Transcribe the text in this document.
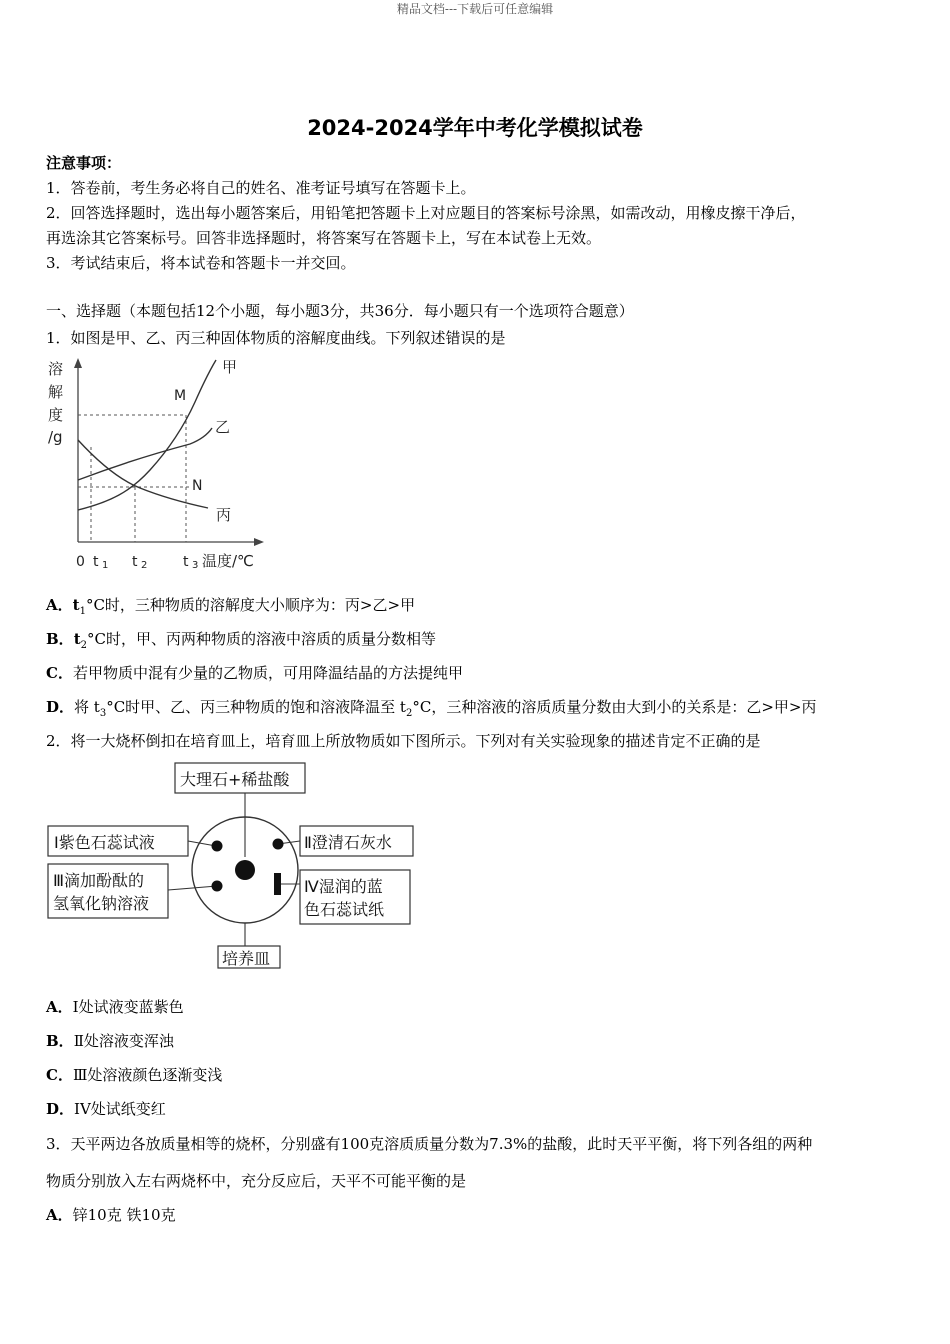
精品文档---下载后可任意编辑
2024-2024学年中考化学模拟试卷
注意事项：
1．答卷前，考生务必将自己的姓名、准考证号填写在答题卡上。
2．回答选择题时，选出每小题答案后，用铅笔把答题卡上对应题目的答案标号涂黑，如需改动，用橡皮擦干净后，
再选涂其它答案标号。回答非选择题时，将答案写在答题卡上，写在本试卷上无效。
3．考试结束后，将本试卷和答题卡一并交回。
一、选择题（本题包括12个小题，每小题3分，共36分．每小题只有一个选项符合题意）
1．如图是甲、乙、丙三种固体物质的溶解度曲线。下列叙述错误的是
溶
解
度
/g
甲
乙
丙
M
N
0 t 1 t 2	t 3 温度/℃
A．$t_1^\circ C$时，三种物质的溶解度大小顺序为：丙>乙>甲
B．$t_2^\circ C$时，甲、丙两种物质的溶液中溶质的质量分数相等
C．若甲物质中混有少量的乙物质，可用降温结晶的方法提纯甲
D．将 $t_3^\circ C$时甲、乙、丙三种物质的饱和溶液降温至 $t_2^\circ C$，三种溶液的溶质质量分数由大到小的关系是：乙>甲>丙
2．将一大烧杯倒扣在培育皿上，培育皿上所放物质如下图所示。下列对有关实验现象的描述肯定不正确的是
大理石+稀盐酸
Ⅰ紫色石蕊试液	Ⅱ澄清石灰水
Ⅲ滴加酚酞的
氢氧化钠溶液
Ⅳ湿润的蓝
色石蕊试纸
培养皿
A．I处试液变蓝紫色
B．Ⅱ处溶液变浑浊
C．Ⅲ处溶液颜色逐渐变浅
D．IV处试纸变红
3．天平两边各放质量相等的烧杯，分别盛有100克溶质质量分数为7.3%的盐酸，此时天平平衡，将下列各组的两种
物质分别放入左右两烧杯中，充分反应后，天平不可能平衡的是
A．锌10克 铁10克
